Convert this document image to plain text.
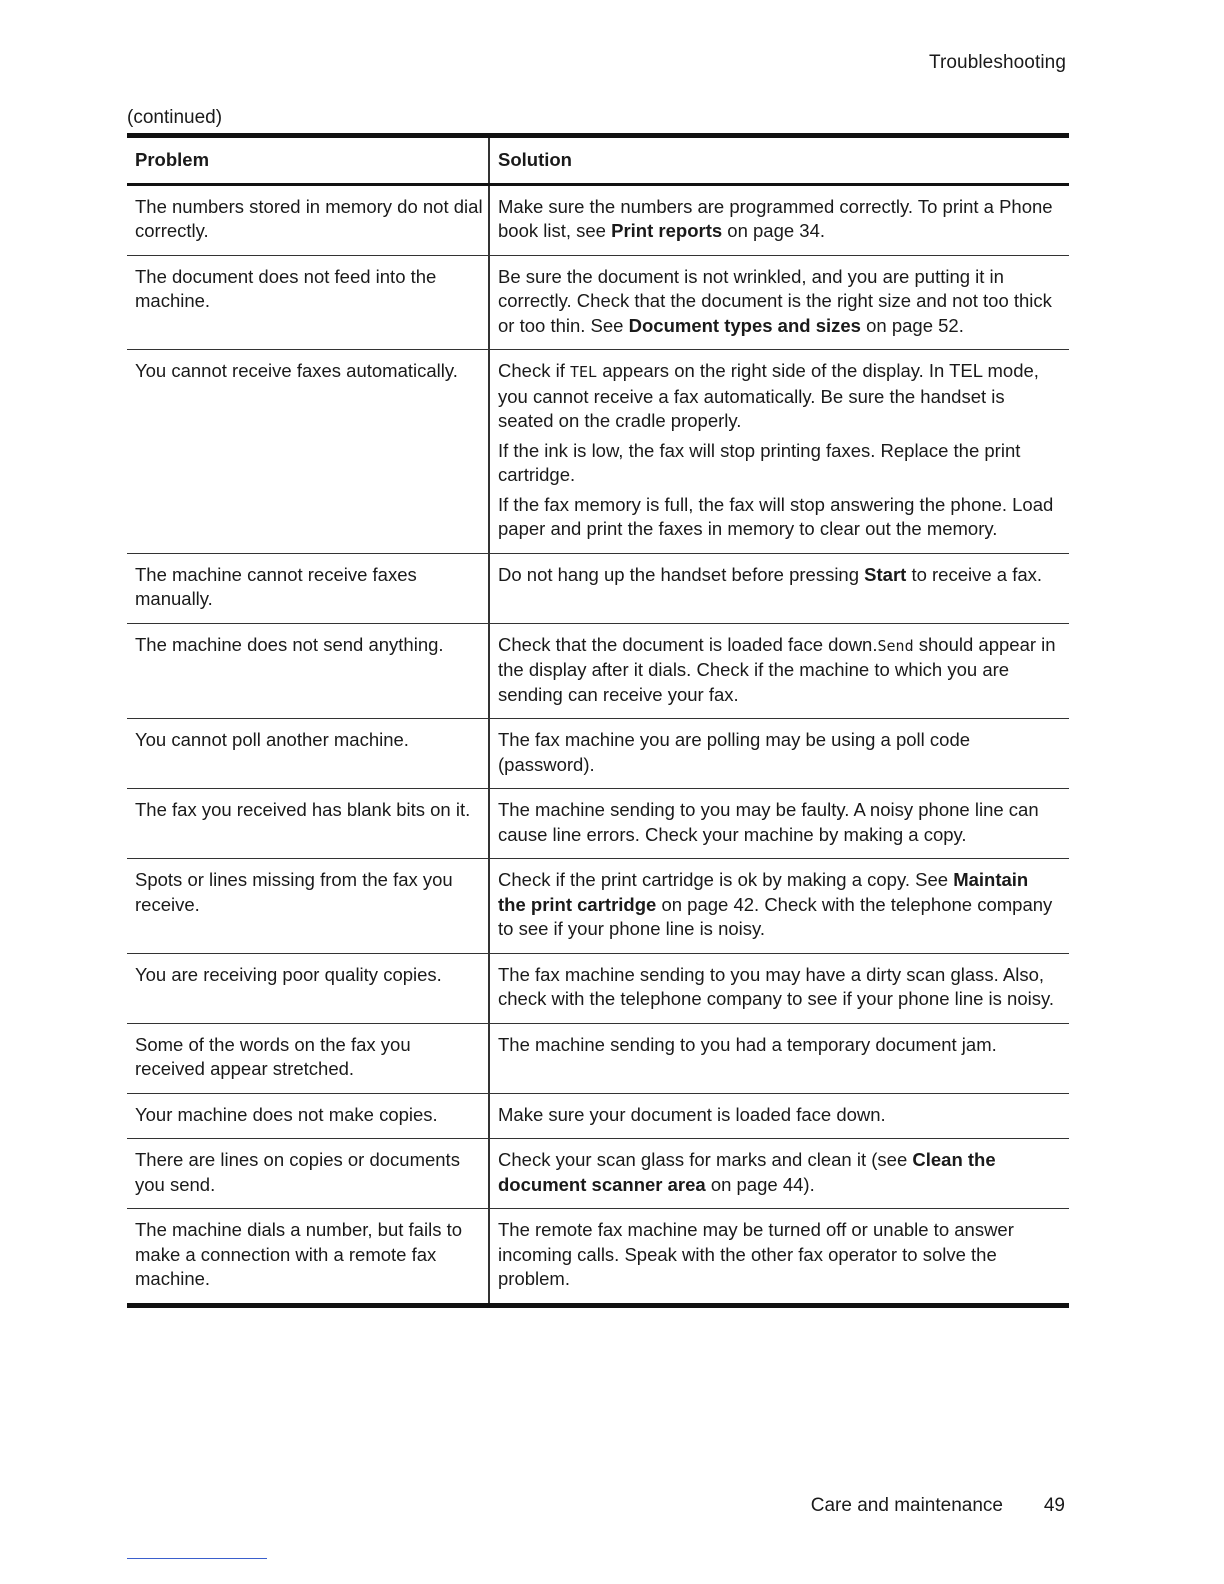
Troubleshooting
(continued)
Problem	Solution
The numbers stored in memory do not dial correctly.	Make sure the numbers are programmed correctly. To print a Phone book list, see Print reports on page 34.

The document does not feed into the machine.	Be sure the document is not wrinkled, and you are putting it in correctly. Check that the document is the right size and not too thick or too thin. See Document types and sizes on page 52.

You cannot receive faxes automatically.	Check if TEL appears on the right side of the display. In TEL mode, you cannot receive a fax automatically. Be sure the handset is seated on the cradle properly.

If the ink is low, the fax will stop printing faxes. Replace the print cartridge.

If the fax memory is full, the fax will stop answering the phone. Load paper and print the faxes in memory to clear out the memory.

The machine cannot receive faxes manually.	Do not hang up the handset before pressing Start to receive a fax.

The machine does not send anything.	Check that the document is loaded face down.Send should appear in the display after it dials. Check if the machine to which you are sending can receive your fax.

You cannot poll another machine.	The fax machine you are polling may be using a poll code (password).

The fax you received has blank bits on it.	The machine sending to you may be faulty. A noisy phone line can cause line errors. Check your machine by making a copy.

Spots or lines missing from the fax you receive.	Check if the print cartridge is ok by making a copy. See Maintain the print cartridge on page 42. Check with the telephone company to see if your phone line is noisy.

You are receiving poor quality copies.	The fax machine sending to you may have a dirty scan glass. Also, check with the telephone company to see if your phone line is noisy.

Some of the words on the fax you received appear stretched.	The machine sending to you had a temporary document jam.

Your machine does not make copies.	Make sure your document is loaded face down.

There are lines on copies or documents you send.	Check your scan glass for marks and clean it (see Clean the document scanner area on page 44).

The machine dials a number, but fails to make a connection with a remote fax machine.	The remote fax machine may be turned off or unable to answer incoming calls. Speak with the other fax operator to solve the problem.

Care and maintenance 49
